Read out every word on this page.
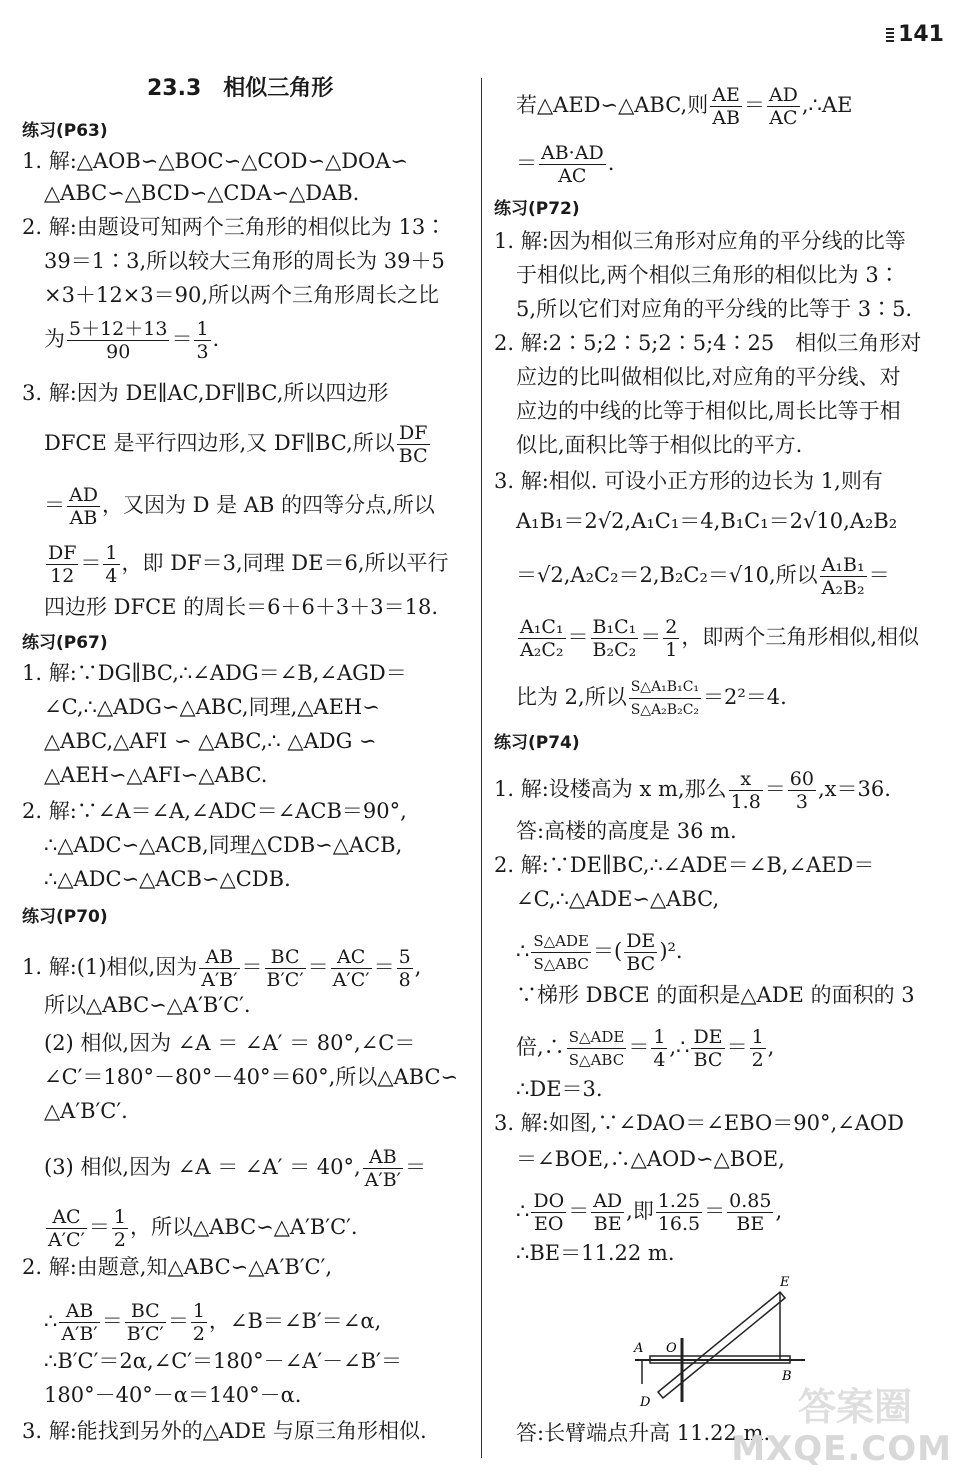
141
23.3　相似三角形
练习(P63)
1. 解:△AOB∽△BOC∽△COD∽△DOA∽
△ABC∽△BCD∽△CDA∽△DAB.
2. 解:由题设可知两个三角形的相似比为 13∶
39＝1∶3,所以较大三角形的周长为 39＋5
×3＋12×3＝90,所以两个三角形周长之比
为 $\frac{5+12+13}{90} = \frac{1}{3}$ .
3. 解:因为 DE∥AC,DF∥BC,所以四边形
DFCE 是平行四边形,又 DF∥BC,所以 $\frac{DF}{BC}$
＝ $\frac{AD}{AB}$ ，又因为 D 是 AB 的四等分点,所以
$\frac{DF}{12} = \frac{1}{4}$ ，即 DF＝3,同理 DE＝6,所以平行
四边形 DFCE 的周长＝6＋6＋3＋3＝18.
练习(P67)
1. 解:∵DG∥BC,∴∠ADG＝∠B,∠AGD＝
∠C,∴△ADG∽△ABC,同理,△AEH∽
△ABC,△AFI ∽ △ABC,∴ △ADG ∽
△AEH∽△AFI∽△ABC.
2. 解:∵∠A＝∠A,∠ADC＝∠ACB＝90°,
∴△ADC∽△ACB,同理△CDB∽△ACB,
∴△ADC∽△ACB∽△CDB.
练习(P70)
1. 解:(1)相似,因为 $\frac{AB}{A'B'} = \frac{BC}{B'C'} = \frac{AC}{A'C'} = \frac{5}{8}$ ,
所以△ABC∽△A′B′C′.
(2) 相似,因为 ∠A ＝ ∠A′ ＝ 80°,∠C＝
∠C′＝180°－80°－40°＝60°,所以△ABC∽
△A′B′C′.
(3) 相似,因为 ∠A ＝ ∠A′ ＝ 40°, $\frac{AB}{A'B'}$ ＝
$\frac{AC}{A'C'} = \frac{1}{2}$ ，所以△ABC∽△A′B′C′.
2. 解:由题意,知△ABC∽△A′B′C′,
∴ $\frac{AB}{A'B'} = \frac{BC}{B'C'} = \frac{1}{2}$ ，∠B＝∠B′＝∠α,
∴B′C′＝2α,∠C′＝180°－∠A′－∠B′＝
180°－40°－α＝140°－α.
3. 解:能找到另外的△ADE 与原三角形相似.
若△AED∽△ABC,则 $\frac{AE}{AB} = \frac{AD}{AC}$ ,∴AE
＝ $\frac{AB\cdot AD}{AC}$ .
练习(P72)
1. 解:因为相似三角形对应角的平分线的比等
于相似比,两个相似三角形的相似比为 3∶
5,所以它们对应角的平分线的比等于 3∶5.
2. 解:2∶5;2∶5;2∶5;4∶25　相似三角形对
应边的比叫做相似比,对应角的平分线、对
应边的中线的比等于相似比,周长比等于相
似比,面积比等于相似比的平方.
3. 解:相似. 可设小正方形的边长为 1,则有
A₁B₁＝2√2,A₁C₁＝4,B₁C₁＝2√10,A₂B₂
＝√2,A₂C₂＝2,B₂C₂＝√10,所以 $\frac{\text{A₁B₁}}{\text{A₂B₂}}$ ＝
$\frac{\text{A₁C₁}}{\text{A₂C₂}} = \frac{\text{B₁C₁}}{\text{B₂C₂}} = \frac{2}{1}$ ，即两个三角形相似,相似
比为 2,所以 $\frac{\text{S△A₁B₁C₁}}{\text{S△A₂B₂C₂}} =2^2=4$.
练习(P74)
1. 解:设楼高为 x m,那么 $\frac{x}{1.8} = \frac{60}{3} ,x=36$.
答:高楼的高度是 36 m.
2. 解:∵DE∥BC,∴∠ADE＝∠B,∠AED＝
∠C,∴△ADE∽△ABC,
∴ $\frac{\text{S△ADE}}{\text{S△ABC}}$ ＝( $\frac{DE}{BC} )^2$.
∵梯形 DBCE 的面积是△ADE 的面积的 3
倍,∴ $\frac{\text{S△ADE}}{\text{S△ABC}} = \frac{1}{4}$ ,∴ $\frac{DE}{BC} = \frac{1}{2}$ ,
∴DE＝3.
3. 解:如图,∵∠DAO＝∠EBO＝90°,∠AOD
＝∠BOE,∴△AOD∽△BOE,
∴ $\frac{DO}{EO} = \frac{AD}{BE}$ ,即 $\frac{1.25}{16.5} = \frac{0.85}{BE}$ ,
∴BE＝11.22 m.
答:长臂端点升高 11.22 m.
E
A O
B
D	答案圈
MXQE.COM
